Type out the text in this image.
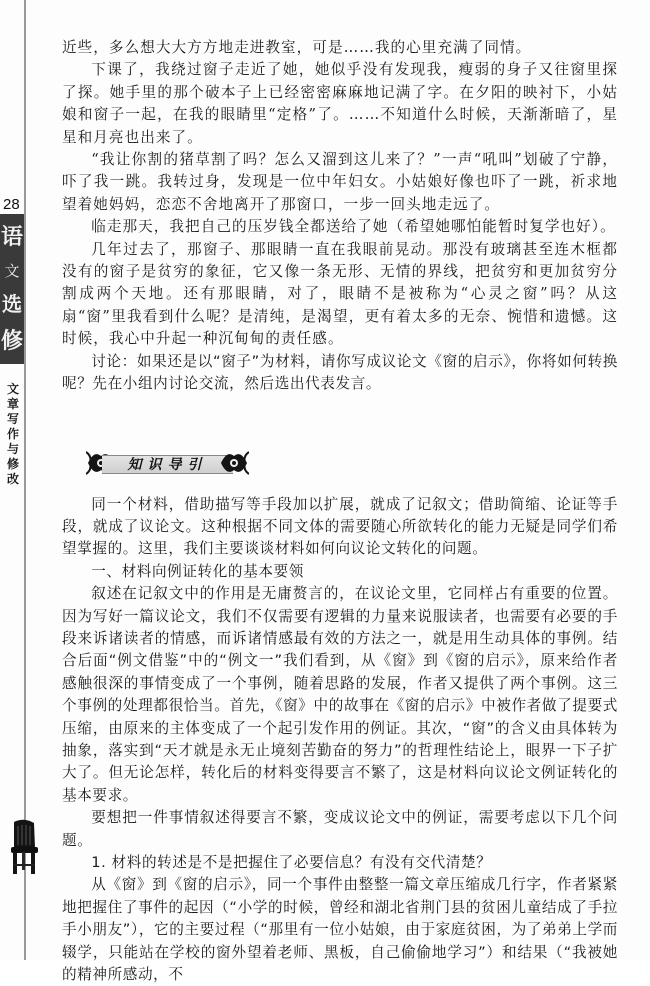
28
语
文
选
修
文
章
写
作
与
修
改

近些，多么想大大方方地走进教室，可是……我的心里充满了同情。

下课了，我绕过窗子走近了她，她似乎没有发现我，瘦弱的身子又往窗里探了探。她手里的那个破本子上已经密密麻麻地记满了字。在夕阳的映衬下，小姑娘和窗子一起，在我的眼睛里“定格”了。……不知道什么时候，天渐渐暗了，星星和月亮也出来了。

“我让你割的猪草割了吗？怎么又溜到这儿来了？”一声“吼叫”划破了宁静，吓了我一跳。我转过身，发现是一位中年妇女。小姑娘好像也吓了一跳，祈求地望着她妈妈，恋恋不舍地离开了那窗口，一步一回头地走远了。

临走那天，我把自己的压岁钱全都送给了她（希望她哪怕能暂时复学也好）。

几年过去了，那窗子、那眼睛一直在我眼前晃动。那没有玻璃甚至连木框都没有的窗子是贫穷的象征，它又像一条无形、无情的界线，把贫穷和更加贫穷分割成两个天地。还有那眼睛，对了，眼睛不是被称为“心灵之窗”吗？从这扇“窗”里我看到什么呢？是清纯，是渴望，更有着太多的无奈、惋惜和遗憾。这时候，我心中升起一种沉甸甸的责任感。

讨论：如果还是以“窗子”为材料，请你写成议论文《窗的启示》，你将如何转换呢？先在小组内讨论交流，然后选出代表发言。

知识导引

同一个材料，借助描写等手段加以扩展，就成了记叙文；借助简缩、论证等手段，就成了议论文。这种根据不同文体的需要随心所欲转化的能力无疑是同学们希望掌握的。这里，我们主要谈谈材料如何向议论文转化的问题。

一、材料向例证转化的基本要领

叙述在记叙文中的作用是无庸赘言的，在议论文里，它同样占有重要的位置。因为写好一篇议论文，我们不仅需要有逻辑的力量来说服读者，也需要有必要的手段来诉诸读者的情感，而诉诸情感最有效的方法之一，就是用生动具体的事例。结合后面“例文借鉴”中的“例文一”我们看到，从《窗》到《窗的启示》，原来给作者感触很深的事情变成了一个事例，随着思路的发展，作者又提供了两个事例。这三个事例的处理都很恰当。首先，《窗》中的故事在《窗的启示》中被作者做了提要式压缩，由原来的主体变成了一个起引发作用的例证。其次，“窗”的含义由具体转为抽象，落实到“天才就是永无止境刻苦勤奋的努力”的哲理性结论上，眼界一下子扩大了。但无论怎样，转化后的材料变得要言不繁了，这是材料向议论文例证转化的基本要求。

要想把一件事情叙述得要言不繁，变成议论文中的例证，需要考虑以下几个问题。

1. 材料的转述是不是把握住了必要信息？有没有交代清楚？

从《窗》到《窗的启示》，同一个事件由整整一篇文章压缩成几行字，作者紧紧地把握住了事件的起因（“小学的时候，曾经和湖北省荆门县的贫困儿童结成了手拉手小朋友”），它的主要过程（“那里有一位小姑娘，由于家庭贫困，为了弟弟上学而辍学，只能站在学校的窗外望着老师、黑板，自己偷偷地学习”）和结果（“我被她的精神所感动，不
